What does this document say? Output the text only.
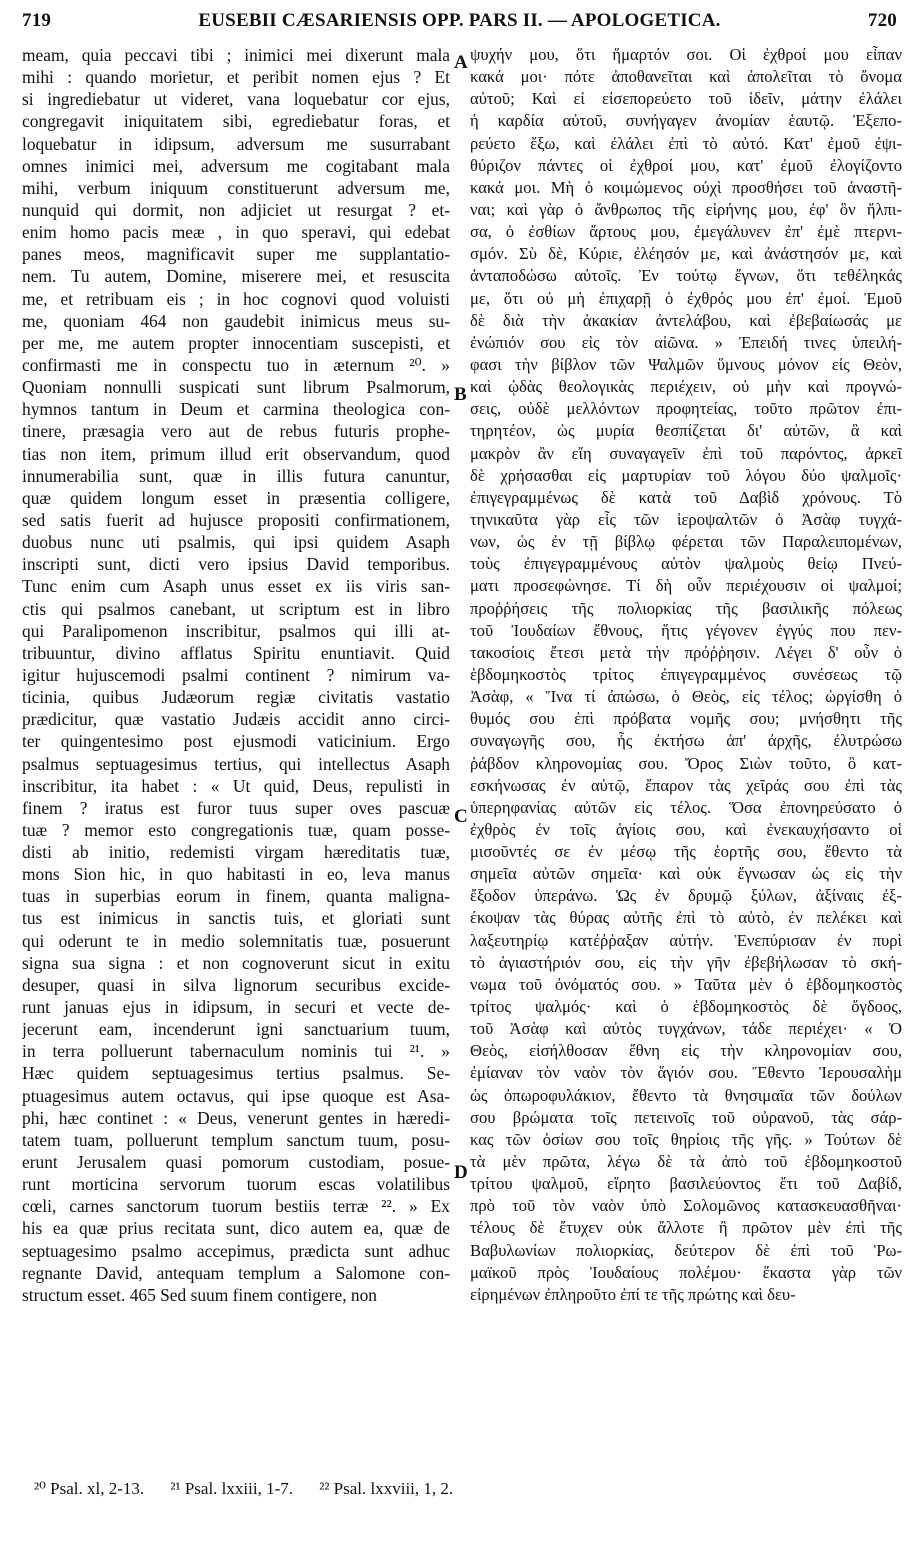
719	EUSEBII CÆSARIENSIS OPP. PARS II. — APOLOGETICA.	720
meam, quia peccavi tibi ; inimici mei dixerunt mala
mihi : quando morietur, et peribit nomen ejus ? Et
si ingrediebatur ut videret, vana loquebatur cor ejus,
congregavit iniquitatem sibi, egrediebatur foras, et
loquebatur in idipsum, adversum me susurrabant
omnes inimici mei, adversum me cogitabant mala
mihi, verbum iniquum constituerunt adversum me,
nunquid qui dormit, non adjiciet ut resurgat ? et-
enim homo pacis meæ , in quo speravi, qui edebat
panes meos, magnificavit super me supplantatio-
nem. Tu autem, Domine, miserere mei, et resuscita
me, et retribuam eis ; in hoc cognovi quod voluisti
me, quoniam 464 non gaudebit inimicus meus su-
per me, me autem propter innocentiam suscepisti, et
confirmasti me in conspectu tuo in æternum ²⁰. »
Quoniam nonnulli suspicati sunt librum Psalmorum,
hymnos tantum in Deum et carmina theologica con-
tinere, præsagia vero aut de rebus futuris prophe-
tias non item, primum illud erit observandum, quod
innumerabilia sunt, quæ in illis futura canuntur,
quæ quidem longum esset in præsentia colligere,
sed satis fuerit ad hujusce propositi confirmationem,
duobus nunc uti psalmis, qui ipsi quidem Asaph
inscripti sunt, dicti vero ipsius David temporibus.
Tunc enim cum Asaph unus esset ex iis viris san-
ctis qui psalmos canebant, ut scriptum est in libro
qui Paralipomenon inscribitur, psalmos qui illi at-
tribuuntur, divino afflatus Spiritu enuntiavit. Quid
igitur hujuscemodi psalmi continent ? nimirum va-
ticinia, quibus Judæorum regiæ civitatis vastatio
prædicitur, quæ vastatio Judæis accidit anno circi-
ter quingentesimo post ejusmodi vaticinium. Ergo
psalmus septuagesimus tertius, qui intellectus Asaph
inscribitur, ita habet : « Ut quid, Deus, repulisti in
finem ? iratus est furor tuus super oves pascuæ
tuæ ? memor esto congregationis tuæ, quam posse-
disti ab initio, redemisti virgam hæreditatis tuæ,
mons Sion hic, in quo habitasti in eo, leva manus
tuas in superbias eorum in finem, quanta maligna-
tus est inimicus in sanctis tuis, et gloriati sunt
qui oderunt te in medio solemnitatis tuæ, posuerunt
signa sua signa : et non cognoverunt sicut in exitu
desuper, quasi in silva lignorum securibus excide-
runt januas ejus in idipsum, in securi et vecte de-
jecerunt eam, incenderunt igni sanctuarium tuum,
in terra polluerunt tabernaculum nominis tui ²¹. »
Hæc quidem septuagesimus tertius psalmus. Se-
ptuagesimus autem octavus, qui ipse quoque est Asa-
phi, hæc continet : « Deus, venerunt gentes in hæredi-
tatem tuam, polluerunt templum sanctum tuum, posu-
erunt Jerusalem quasi pomorum custodiam, posue-
runt morticina servorum tuorum escas volatilibus
cœli, carnes sanctorum tuorum bestiis terræ ²². » Ex
his ea quæ prius recitata sunt, dico autem ea, quæ de
septuagesimo psalmo accepimus, prædicta sunt adhuc
regnante David, antequam templum a Salomone con-
structum esset. 465 Sed suum finem contigere, non
A
B
C
D
ψυχήν μου, ὅτι ἥμαρτόν σοι. Οἱ ἐχθροί μου εἶπαν
κακά μοι· πότε ἀποθανεῖται καὶ ἀπολεῖται τὸ ὄνομα
αὐτοῦ; Καὶ εἰ εἰσεπορεύετο τοῦ ἰδεῖν, μάτην ἐλάλει
ἡ καρδία αὐτοῦ, συνήγαγεν ἀνομίαν ἑαυτῷ. Ἐξεπο-
ρεύετο ἔξω, καὶ ἐλάλει ἐπὶ τὸ αὐτό. Κατ' ἐμοῦ ἐψι-
θύριζον πάντες οἱ ἐχθροί μου, κατ' ἐμοῦ ἐλογίζοντο
κακά μοι. Μὴ ὁ κοιμώμενος οὐχὶ προσθήσει τοῦ ἀναστῆ-
ναι; καὶ γὰρ ὁ ἄνθρωπος τῆς εἰρήνης μου, ἐφ' ὃν ἤλπι-
σα, ὁ ἐσθίων ἄρτους μου, ἐμεγάλυνεν ἐπ' ἐμὲ πτερνι-
σμόν. Σὺ δὲ, Κύριε, ἐλέησόν με, καὶ ἀνάστησόν με, καὶ
ἀνταποδώσω αὐτοῖς. Ἐν τούτῳ ἔγνων, ὅτι τεθέληκάς
με, ὅτι οὐ μὴ ἐπιχαρῇ ὁ ἐχθρός μου ἐπ' ἐμοί. Ἐμοῦ
δὲ διὰ τὴν ἀκακίαν ἀντελάβου, καὶ ἐβεβαίωσάς με
ἐνώπιόν σου εἰς τὸν αἰῶνα. » Ἐπειδή τινες ὑπειλή-
φασι τὴν βίβλον τῶν Ψαλμῶν ὕμνους μόνον εἰς Θεὸν,
καὶ ᾠδὰς θεολογικὰς περιέχειν, οὐ μὴν καὶ προγνώ-
σεις, οὐδὲ μελλόντων προφητείας, τοῦτο πρῶτον ἐπι-
τηρητέον, ὡς μυρία θεσπίζεται δι' αὐτῶν, ἃ καὶ
μακρὸν ἂν εἴη συναγαγεῖν ἐπὶ τοῦ παρόντος, ἀρκεῖ
δὲ χρήσασθαι εἰς μαρτυρίαν τοῦ λόγου δύο ψαλμοῖς·
ἐπιγεγραμμένως δὲ κατὰ τοῦ Δαβὶδ χρόνους. Τὸ
τηνικαῦτα γὰρ εἷς τῶν ἱεροψαλτῶν ὁ Ἀσὰφ τυγχά-
νων, ὡς ἐν τῇ βίβλῳ φέρεται τῶν Παραλειπομένων,
τοὺς ἐπιγεγραμμένους αὐτὸν ψαλμοὺς θείῳ Πνεύ-
ματι προσεφώνησε. Τί δὴ οὖν περιέχουσιν οἱ ψαλμοί;
προῤῥήσεις τῆς πολιορκίας τῆς βασιλικῆς πόλεως
τοῦ Ἰουδαίων ἔθνους, ἥτις γέγονεν ἐγγύς που πεν-
τακοσίοις ἔτεσι μετὰ τὴν πρόῤῥησιν. Λέγει δ' οὖν ὁ
ἑβδομηκοστὸς τρίτος ἐπιγεγραμμένος συνέσεως τῷ
Ἀσὰφ, « Ἵνα τί ἀπώσω, ὁ Θεὸς, εἰς τέλος; ὠργίσθη ὁ
θυμός σου ἐπὶ πρόβατα νομῆς σου; μνήσθητι τῆς
συναγωγῆς σου, ἧς ἐκτήσω ἀπ' ἀρχῆς, ἐλυτρώσω
ῥάβδον κληρονομίας σου. Ὄρος Σιὼν τοῦτο, ὃ κατ-
εσκήνωσας ἐν αὐτῷ, ἔπαρον τὰς χεῖράς σου ἐπὶ τὰς
ὑπερηφανίας αὐτῶν εἰς τέλος. Ὅσα ἐπονηρεύσατο ὁ
ἐχθρὸς ἐν τοῖς ἁγίοις σου, καὶ ἐνεκαυχήσαντο οἱ
μισοῦντές σε ἐν μέσῳ τῆς ἑορτῆς σου, ἔθεντο τὰ
σημεῖα αὐτῶν σημεῖα· καὶ οὐκ ἔγνωσαν ὡς εἰς τὴν
ἔξοδον ὑπεράνω. Ὡς ἐν δρυμῷ ξύλων, ἀξίναις ἐξ-
έκοψαν τὰς θύρας αὐτῆς ἐπὶ τὸ αὐτὸ, ἐν πελέκει καὶ
λαξευτηρίῳ κατέῤῥαξαν αὐτήν. Ἐνεπύρισαν ἐν πυρὶ
τὸ ἁγιαστήριόν σου, εἰς τὴν γῆν ἐβεβήλωσαν τὸ σκή-
νωμα τοῦ ὀνόματός σου. » Ταῦτα μὲν ὁ ἑβδομηκοστὸς
τρίτος ψαλμός· καὶ ὁ ἑβδομηκοστὸς δὲ ὄγδοος,
τοῦ Ἀσὰφ καὶ αὐτὸς τυγχάνων, τάδε περιέχει· « Ὁ
Θεὸς, εἰσήλθοσαν ἔθνη εἰς τὴν κληρονομίαν σου,
ἐμίαναν τὸν ναὸν τὸν ἅγιόν σου. Ἔθεντο Ἱερουσαλὴμ
ὡς ὀπωροφυλάκιον, ἔθεντο τὰ θνησιμαῖα τῶν δούλων
σου βρώματα τοῖς πετεινοῖς τοῦ οὐρανοῦ, τὰς σάρ-
κας τῶν ὁσίων σου τοῖς θηρίοις τῆς γῆς. » Τούτων δὲ
τὰ μὲν πρῶτα, λέγω δὲ τὰ ἀπὸ τοῦ ἑβδομηκοστοῦ
τρίτου ψαλμοῦ, εἴρητο βασιλεύοντος ἔτι τοῦ Δαβίδ,
πρὸ τοῦ τὸν ναὸν ὑπὸ Σολομῶνος κατασκευασθῆναι·
τέλους δὲ ἔτυχεν οὐκ ἄλλοτε ἢ πρῶτον μὲν ἐπὶ τῆς
Βαβυλωνίων πολιορκίας, δεύτερον δὲ ἐπὶ τοῦ Ῥω-
μαϊκοῦ πρὸς Ἰουδαίους πολέμου· ἕκαστα γὰρ τῶν
εἰρημένων ἐπληροῦτο ἐπί τε τῆς πρώτης καὶ δευ-
²⁰ Psal. xl, 2-13. ²¹ Psal. lxxiii, 1-7. ²² Psal. lxxviii, 1, 2.
